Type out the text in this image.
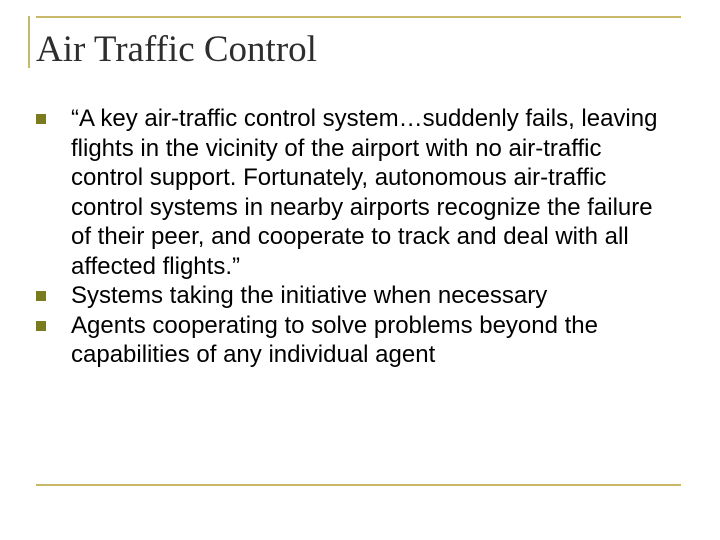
Air Traffic Control
“A key air-traffic control system…suddenly fails, leaving flights in the vicinity of the airport with no air-traffic control support. Fortunately, autonomous air-traffic control systems in nearby airports recognize the failure of their peer, and cooperate to track and deal with all affected flights.”
Systems taking the initiative when necessary
Agents cooperating to solve problems beyond the capabilities of any individual agent
